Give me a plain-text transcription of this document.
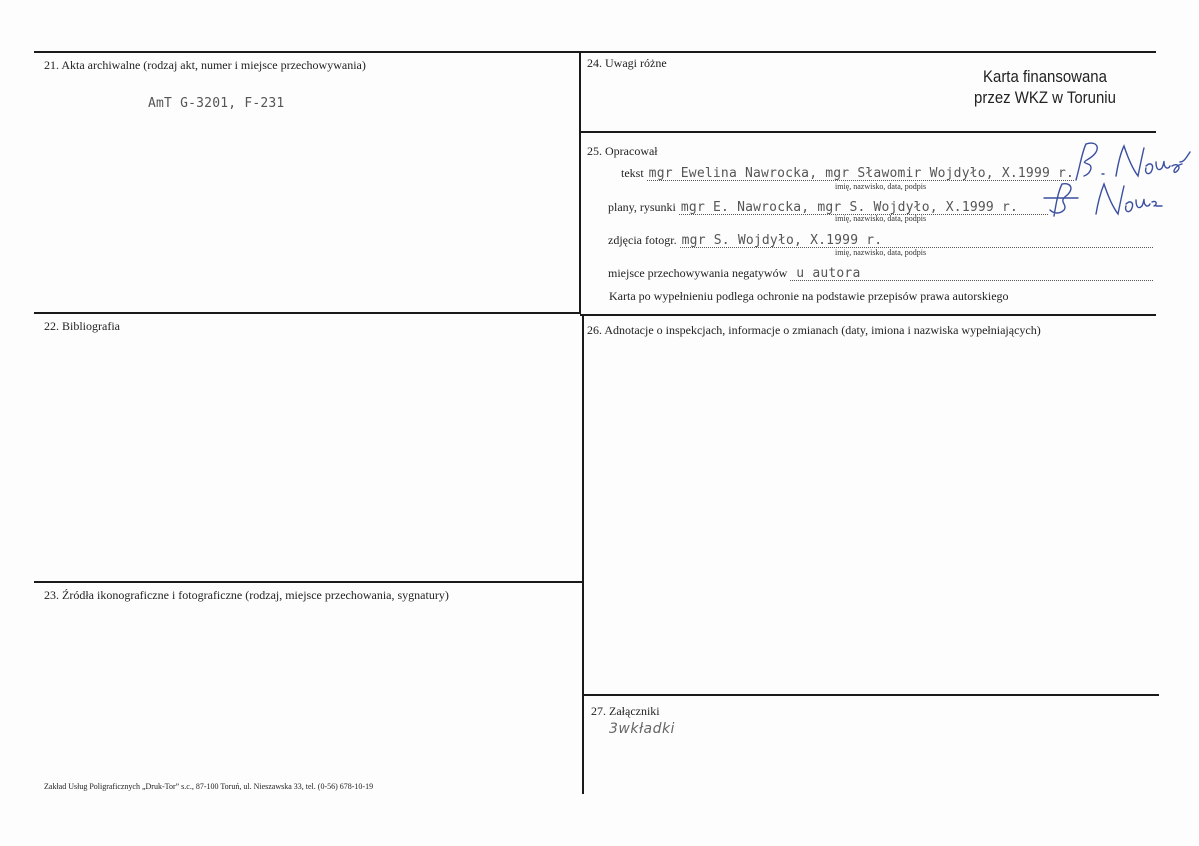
21. Akta archiwalne (rodzaj akt, numer i miejsce przechowywania)
AmT G-3201, F-231
22. Bibliografia
23. Źródła ikonograficzne i fotograficzne (rodzaj, miejsce przechowania, sygnatury)
24. Uwagi różne
Karta finansowana
przez WKZ w Toruniu
25. Opracował
tekst mgr Ewelina Nawrocka, mgr Sławomir Wojdyło, X.1999 r.
imię, nazwisko, data, podpis
plany, rysunki mgr E. Nawrocka, mgr S. Wojdyło, X.1999 r.
imię, nazwisko, data, podpis
zdjęcia fotogr. mgr S. Wojdyło, X.1999 r.
imię, nazwisko, data, podpis
miejsce przechowywania negatywów u autora
Karta po wypełnieniu podlega ochronie na podstawie przepisów prawa autorskiego
26. Adnotacje o inspekcjach, informacje o zmianach (daty, imiona i nazwiska wypełniających)
27. Załączniki
3wkładki
Zakład Usług Poligraficznych „Druk-Tor” s.c., 87-100 Toruń, ul. Nieszawska 33, tel. (0-56) 678-10-19
